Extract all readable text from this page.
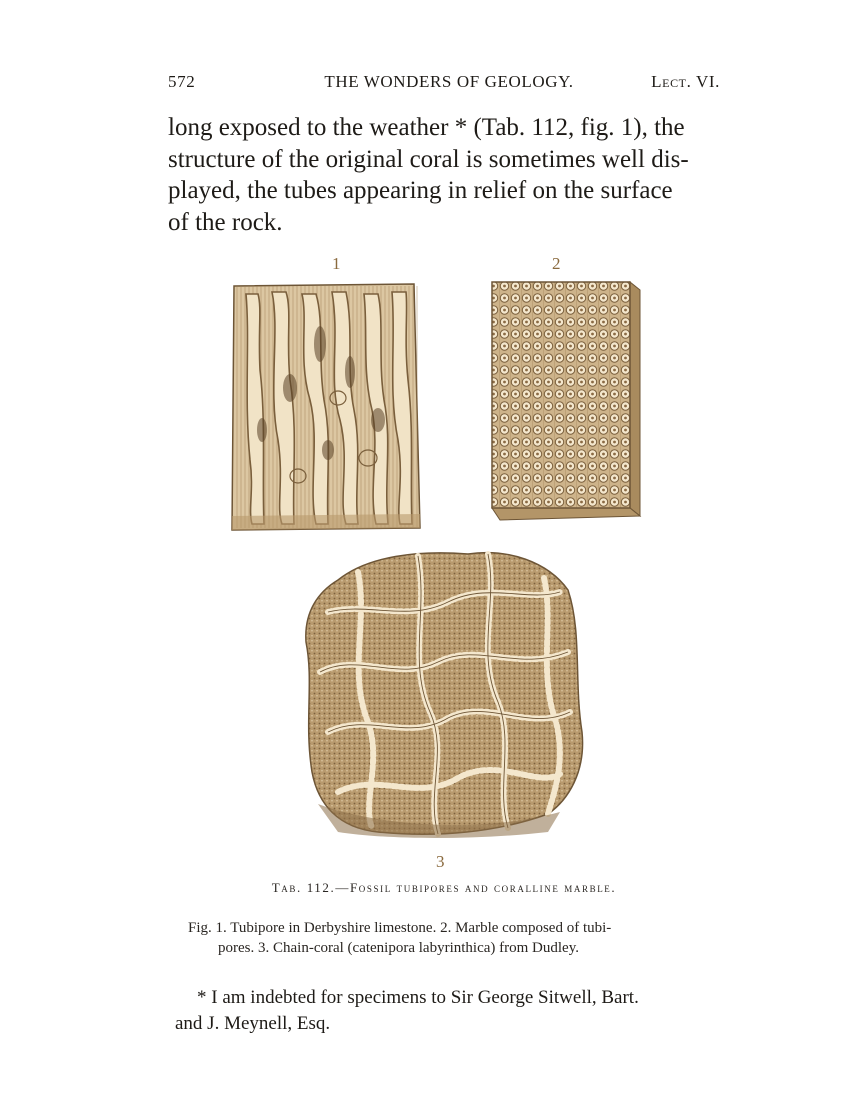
572	THE WONDERS OF GEOLOGY.	Lect. VI.
long exposed to the weather * (Tab. 112, fig. 1), the
structure of the original coral is sometimes well dis-
played, the tubes appearing in relief on the surface
of the rock.
1	2
3
Tab. 112.—Fossil tubipores and coralline marble.
Fig. 1. Tubipore in Derbyshire limestone. 2. Marble composed of tubi-
pores. 3. Chain-coral (catenipora labyrinthica) from Dudley.
* I am indebted for specimens to Sir George Sitwell, Bart.
and J. Meynell, Esq.
